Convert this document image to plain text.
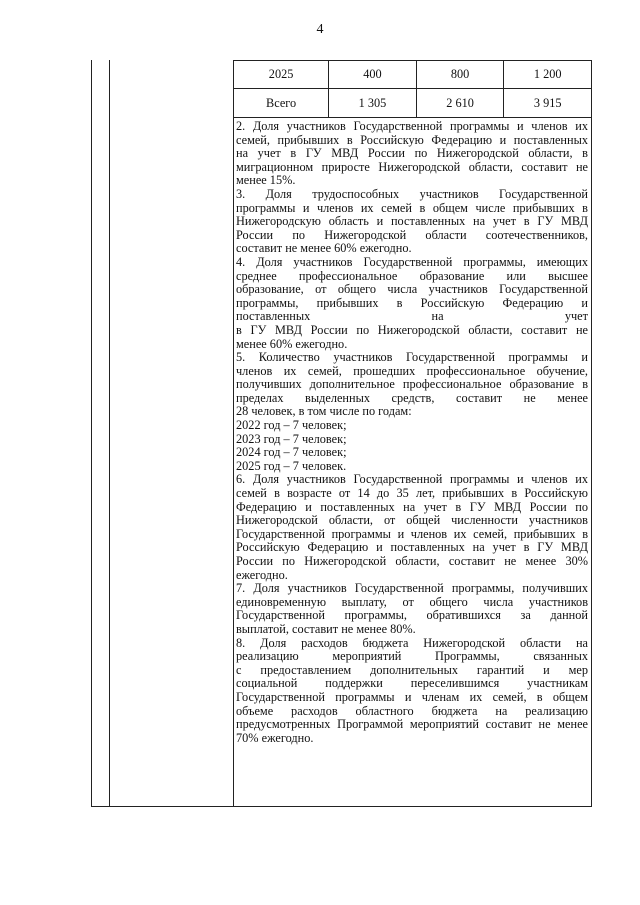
4
2025	400	800	1 200
Всего	1 305	2 610	3 915

2. Доля участников Государственной программы и членов их

семей, прибывших в Российскую Федерацию и поставленных

на учет в ГУ МВД России по Нижегородской области, в

миграционном приросте Нижегородской области, составит не

менее 15%.

3. Доля трудоспособных участников Государственной

программы и членов их семей в общем числе прибывших в

Нижегородскую область и поставленных на учет в ГУ МВД

России по Нижегородской области соотечественников,

составит не менее 60% ежегодно.

4. Доля участников Государственной программы, имеющих

среднее профессиональное образование или высшее

образование, от общего числа участников Государственной

программы, прибывших в Российскую Федерацию и

поставленных на учет

в ГУ МВД России по Нижегородской области, составит не

менее 60% ежегодно.

5. Количество участников Государственной программы и

членов их семей, прошедших профессиональное обучение,

получивших дополнительное профессиональное образование в

пределах выделенных средств, составит не менее

28 человек, в том числе по годам:

2022 год – 7 человек;

2023 год – 7 человек;

2024 год – 7 человек;

2025 год – 7 человек.

6. Доля участников Государственной программы и членов их

семей в возрасте от 14 до 35 лет, прибывших в Российскую

Федерацию и поставленных на учет в ГУ МВД России по

Нижегородской области, от общей численности участников

Государственной программы и членов их семей, прибывших в

Российскую Федерацию и поставленных на учет в ГУ МВД

России по Нижегородской области, составит не менее 30%

ежегодно.

7. Доля участников Государственной программы, получивших

единовременную выплату, от общего числа участников

Государственной программы, обратившихся за данной

выплатой, составит не менее 80%.

8. Доля расходов бюджета Нижегородской области на

реализацию мероприятий Программы, связанных

с предоставлением дополнительных гарантий и мер

социальной поддержки переселившимся участникам

Государственной программы и членам их семей, в общем

объеме расходов областного бюджета на реализацию

предусмотренных Программой мероприятий составит не менее

70% ежегодно.
